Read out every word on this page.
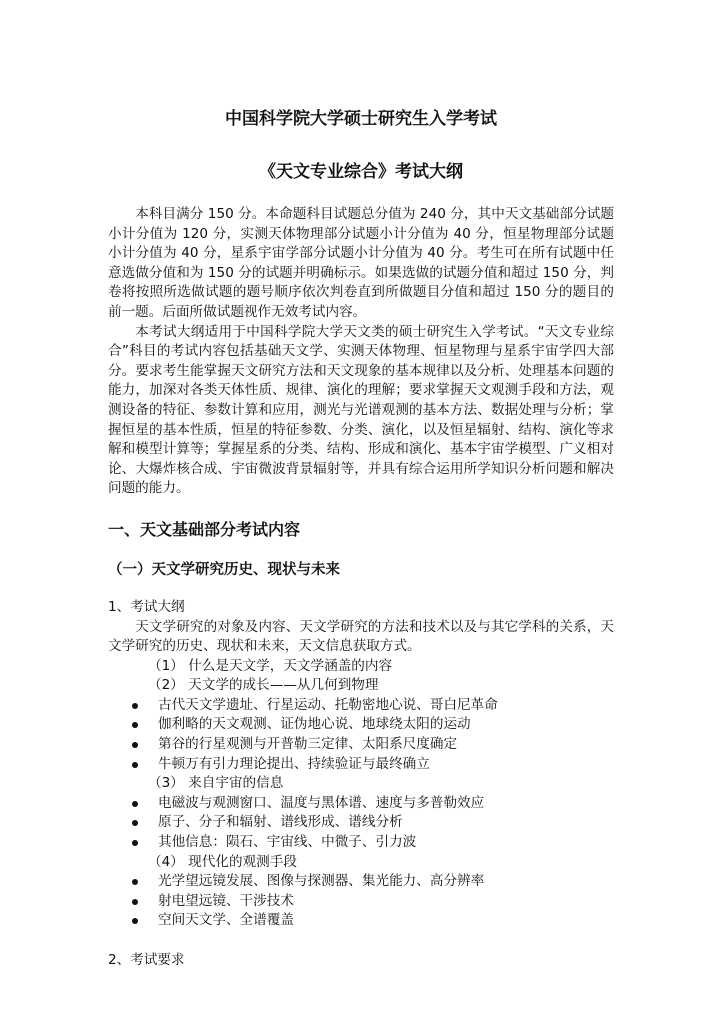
中国科学院大学硕士研究生入学考试
《天文专业综合》考试大纲
本科目满分 150 分。本命题科目试题总分值为 240 分，其中天文基础部分试题小计分值为 120 分，实测天体物理部分试题小计分值为 40 分，恒星物理部分试题小计分值为 40 分，星系宇宙学部分试题小计分值为 40 分。考生可在所有试题中任意选做分值和为 150 分的试题并明确标示。如果选做的试题分值和超过 150 分，判卷将按照所选做试题的题号顺序依次判卷直到所做题目分值和超过 150 分的题目的前一题。后面所做试题视作无效考试内容。
本考试大纲适用于中国科学院大学天文类的硕士研究生入学考试。“天文专业综合”科目的考试内容包括基础天文学、实测天体物理、恒星物理与星系宇宙学四大部分。要求考生能掌握天文研究方法和天文现象的基本规律以及分析、处理基本问题的能力，加深对各类天体性质、规律、演化的理解；要求掌握天文观测手段和方法，观测设备的特征、参数计算和应用，测光与光谱观测的基本方法、数据处理与分析；掌握恒星的基本性质，恒星的特征参数、分类、演化，以及恒星辐射、结构、演化等求解和模型计算等；掌握星系的分类、结构、形成和演化、基本宇宙学模型、广义相对论、大爆炸核合成、宇宙微波背景辐射等，并具有综合运用所学知识分析问题和解决问题的能力。
一、天文基础部分考试内容
（一）天文学研究历史、现状与未来
1、考试大纲
天文学研究的对象及内容、天文学研究的方法和技术以及与其它学科的关系，天文学研究的历史、现状和未来，天文信息获取方式。
（1） 什么是天文学，天文学涵盖的内容
（2） 天文学的成长——从几何到物理
古代天文学遗址、行星运动、托勒密地心说、哥白尼革命
伽利略的天文观测、证伪地心说、地球绕太阳的运动
第谷的行星观测与开普勒三定律、太阳系尺度确定
牛顿万有引力理论提出、持续验证与最终确立
（3） 来自宇宙的信息
电磁波与观测窗口、温度与黑体谱、速度与多普勒效应
原子、分子和辐射、谱线形成、谱线分析
其他信息：陨石、宇宙线、中微子、引力波
（4） 现代化的观测手段
光学望远镜发展、图像与探测器、集光能力、高分辨率
射电望远镜、干涉技术
空间天文学、全谱覆盖
2、考试要求
